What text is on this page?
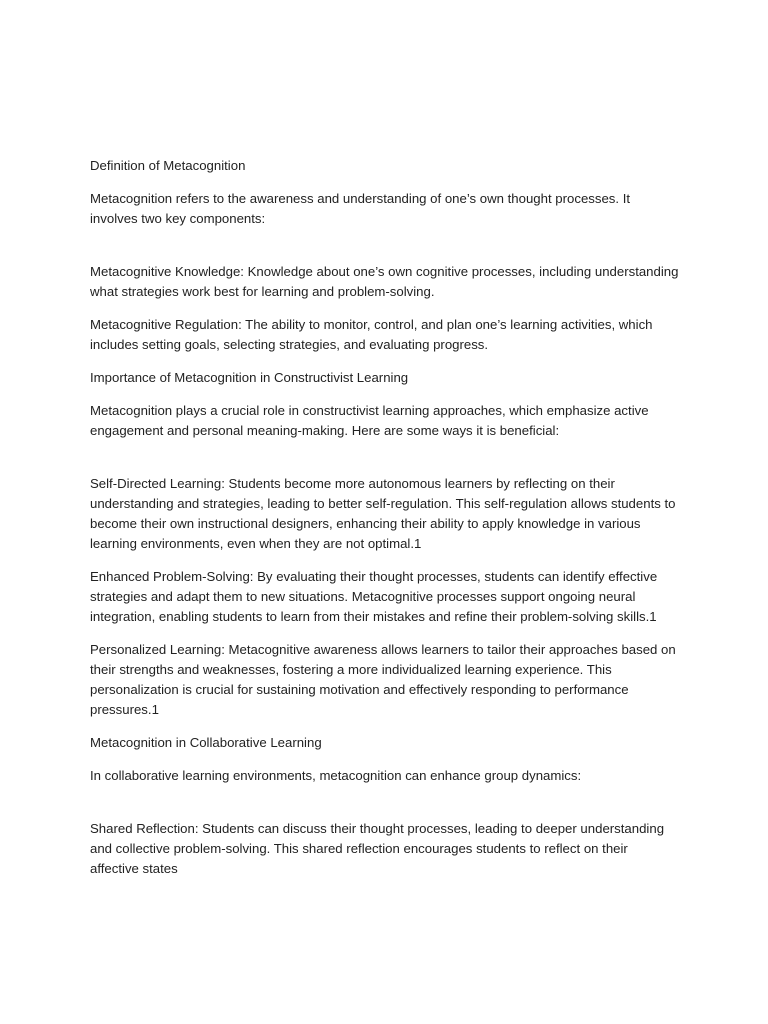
Definition of Metacognition

Metacognition refers to the awareness and understanding of one’s own thought processes. It involves two key components:

Metacognitive Knowledge: Knowledge about one’s own cognitive processes, including understanding what strategies work best for learning and problem-solving.

Metacognitive Regulation: The ability to monitor, control, and plan one’s learning activities, which includes setting goals, selecting strategies, and evaluating progress.

Importance of Metacognition in Constructivist Learning

Metacognition plays a crucial role in constructivist learning approaches, which emphasize active engagement and personal meaning-making. Here are some ways it is beneficial:

Self-Directed Learning: Students become more autonomous learners by reflecting on their understanding and strategies, leading to better self-regulation. This self-regulation allows students to become their own instructional designers, enhancing their ability to apply knowledge in various learning environments, even when they are not optimal.1

Enhanced Problem-Solving: By evaluating their thought processes, students can identify effective strategies and adapt them to new situations. Metacognitive processes support ongoing neural integration, enabling students to learn from their mistakes and refine their problem-solving skills.1

Personalized Learning: Metacognitive awareness allows learners to tailor their approaches based on their strengths and weaknesses, fostering a more individualized learning experience. This personalization is crucial for sustaining motivation and effectively responding to performance pressures.1

Metacognition in Collaborative Learning

In collaborative learning environments, metacognition can enhance group dynamics:

Shared Reflection: Students can discuss their thought processes, leading to deeper understanding and collective problem-solving. This shared reflection encourages students to reflect on their affective states
